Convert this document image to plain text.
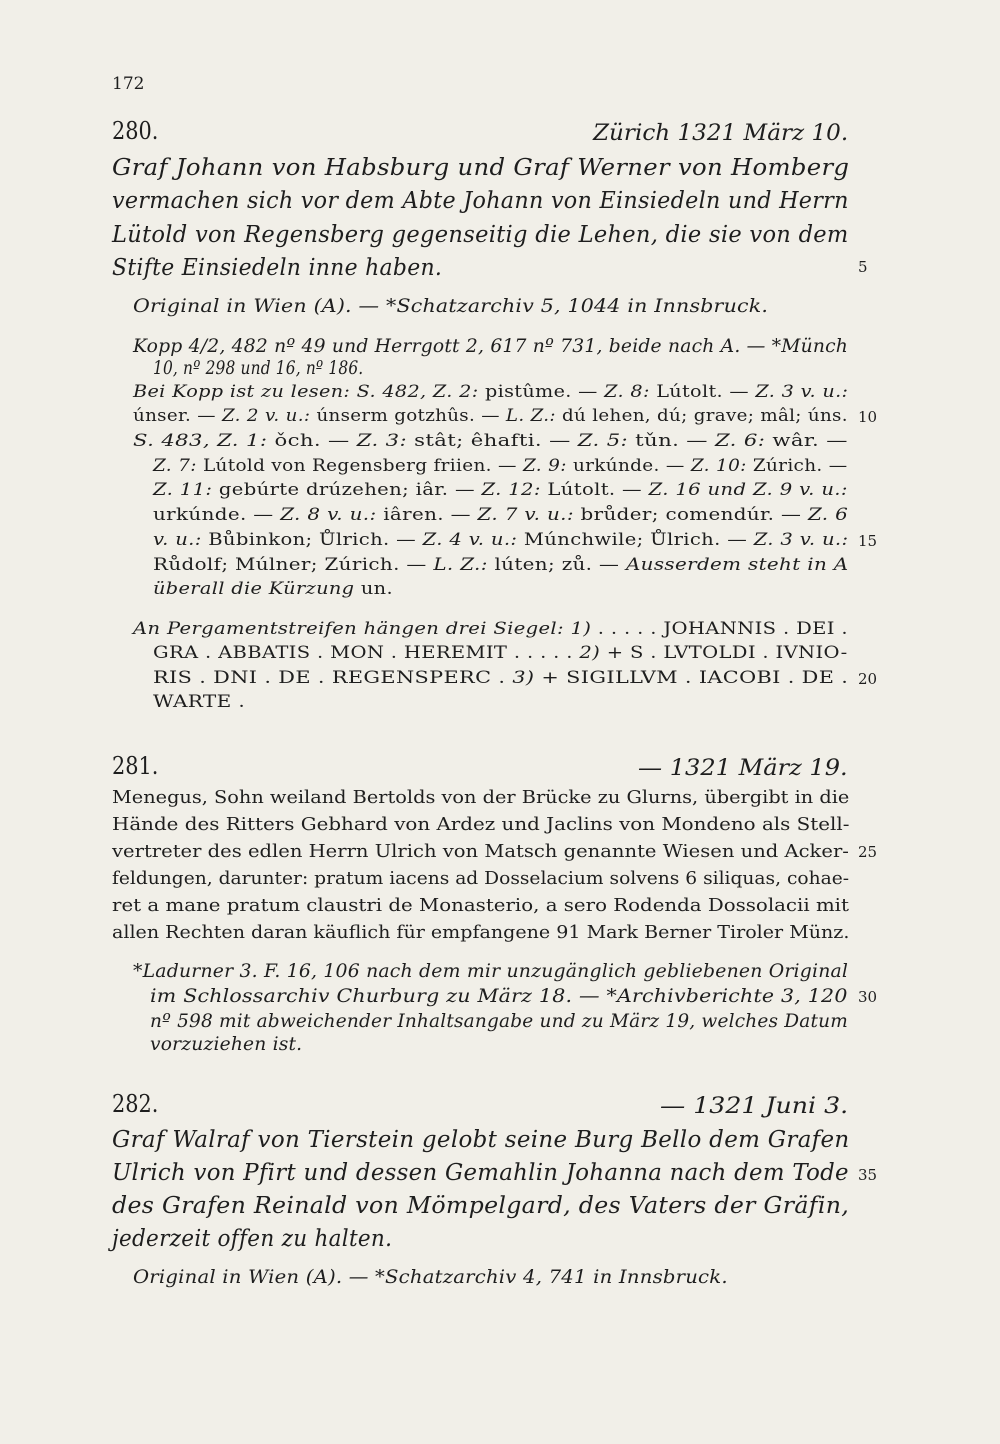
172
280.	Zürich 1321 März 10.
Graf Johann von Habsburg und Graf Werner von Homberg
vermachen sich vor dem Abte Johann von Einsiedeln und Herrn
Lütold von Regensberg gegenseitig die Lehen, die sie von dem
Stifte Einsiedeln inne haben.	5
Original in Wien (A). — *Schatzarchiv 5, 1044 in Innsbruck.
Kopp 4/2, 482 nº 49 und Herrgott 2, 617 nº 731, beide nach A. — *Münch
10, nº 298 und 16, nº 186.
Bei Kopp ist zu lesen: S. 482, Z. 2: pistûme. — Z. 8: Lútolt. — Z. 3 v. u.:
únser. — Z. 2 v. u.: únserm gotzhûs. — L. Z.: dú lehen, dú; grave; mâl; úns. 10
S. 483, Z. 1: ǒch. — Z. 3: stât; êhafti. — Z. 5: tǔn. — Z. 6: wâr. —
Z. 7: Lútold von Regensberg friien. — Z. 9: urkúnde. — Z. 10: Zúrich. —
Z. 11: gebúrte drúzehen; iâr. — Z. 12: Lútolt. — Z. 16 und Z. 9 v. u.:
urkúnde. — Z. 8 v. u.: iâren. — Z. 7 v. u.: brůder; comendúr. — Z. 6
v. u.: Bůbinkon; Ůlrich. — Z. 4 v. u.: Múnchwile; Ůlrich. — Z. 3 v. u.: 15
Růdolf; Múlner; Zúrich. — L. Z.: lúten; zů. — Ausserdem steht in A
überall die Kürzung un.
An Pergamentstreifen hängen drei Siegel: 1) . . . . . JOHANNIS . DEI .
GRA . ABBATIS . MON . HEREMIT . . . . . 2) + S . LVTOLDI . IVNIO-
RIS . DNI . DE . REGENSPERC . 3) + SIGILLVM . IACOBI . DE . 20
WARTE .
281.	— 1321 März 19.
Menegus, Sohn weiland Bertolds von der Brücke zu Glurns, übergibt in die
Hände des Ritters Gebhard von Ardez und Jaclins von Mondeno als Stell-
vertreter des edlen Herrn Ulrich von Matsch genannte Wiesen und Acker- 25
feldungen, darunter: pratum iacens ad Dosselacium solvens 6 siliquas, cohae-
ret a mane pratum claustri de Monasterio, a sero Rodenda Dossolacii mit
allen Rechten daran käuflich für empfangene 91 Mark Berner Tiroler Münz.
*Ladurner 3. F. 16, 106 nach dem mir unzugänglich gebliebenen Original
im Schlossarchiv Churburg zu März 18. — *Archivberichte 3, 120 30
nº 598 mit abweichender Inhaltsangabe und zu März 19, welches Datum
vorzuziehen ist.
282.	— 1321 Juni 3.
Graf Walraf von Tierstein gelobt seine Burg Bello dem Grafen
Ulrich von Pfirt und dessen Gemahlin Johanna nach dem Tode 35
des Grafen Reinald von Mömpelgard, des Vaters der Gräfin,
jederzeit offen zu halten.
Original in Wien (A). — *Schatzarchiv 4, 741 in Innsbruck.
